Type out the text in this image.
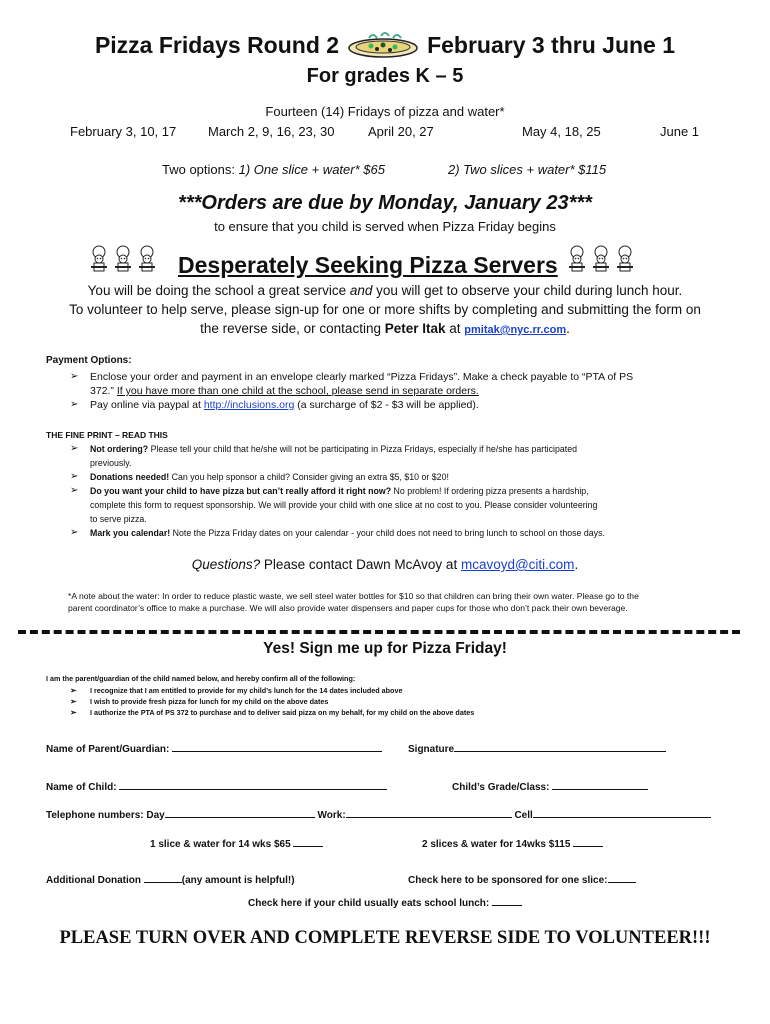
Pizza Fridays Round 2	February 3 thru June 1
For grades K – 5
Fourteen (14) Fridays of pizza and water*
February 3, 10, 17 March 2, 9, 16, 23, 30	April 20, 27	May 4, 18, 25	June 1
Two options: 1) One slice + water* $65	2) Two slices + water* $115
***Orders are due by Monday, January 23***
to ensure that you child is served when Pizza Friday begins
Desperately Seeking Pizza Servers
You will be doing the school a great service and you will get to observe your child during lunch hour.
To volunteer to help serve, please sign-up for one or more shifts by completing and submitting the form on
the reverse side, or contacting Peter Itak at pmitak@nyc.rr.com.
Payment Options:
➢ Enclose your order and payment in an envelope clearly marked “Pizza Fridays”. Make a check payable to “PTA of PS
372.” If you have more than one child at the school, please send in separate orders.
➢ Pay online via paypal at http://inclusions.org (a surcharge of $2 - $3 will be applied).
THE FINE PRINT – READ THIS
➢ Not ordering? Please tell your child that he/she will not be participating in Pizza Fridays, especially if he/she has participated
previously.
➢ Donations needed! Can you help sponsor a child? Consider giving an extra $5, $10 or $20!
➢ Do you want your child to have pizza but can’t really afford it right now? No problem! If ordering pizza presents a hardship,
complete this form to request sponsorship. We will provide your child with one slice at no cost to you. Please consider volunteering
to serve pizza.
➢ Mark you calendar! Note the Pizza Friday dates on your calendar - your child does not need to bring lunch to school on those days.
Questions? Please contact Dawn McAvoy at mcavoyd@citi.com.
*A note about the water: In order to reduce plastic waste, we sell steel water bottles for $10 so that children can bring their own water. Please go to the
parent coordinator’s office to make a purchase. We will also provide water dispensers and paper cups for those who don’t pack their own beverage.
Yes! Sign me up for Pizza Friday!
I am the parent/guardian of the child named below, and hereby confirm all of the following:
➢ I recognize that I am entitled to provide for my child’s lunch for the 14 dates included above
➢ I wish to provide fresh pizza for lunch for my child on the above dates
➢ I authorize the PTA of PS 372 to purchase and to deliver said pizza on my behalf, for my child on the above dates
Name of Parent/Guardian:	Signature
Name of Child:	Child’s Grade/Class:
Telephone numbers: Day	Work:	Cell
1 slice & water for 14 wks $65	2 slices & water for 14wks $115
Additional Donation	(any amount is helpful!)	Check here to be sponsored for one slice:
Check here if your child usually eats school lunch:
PLEASE TURN OVER AND COMPLETE REVERSE SIDE TO VOLUNTEER!!!
